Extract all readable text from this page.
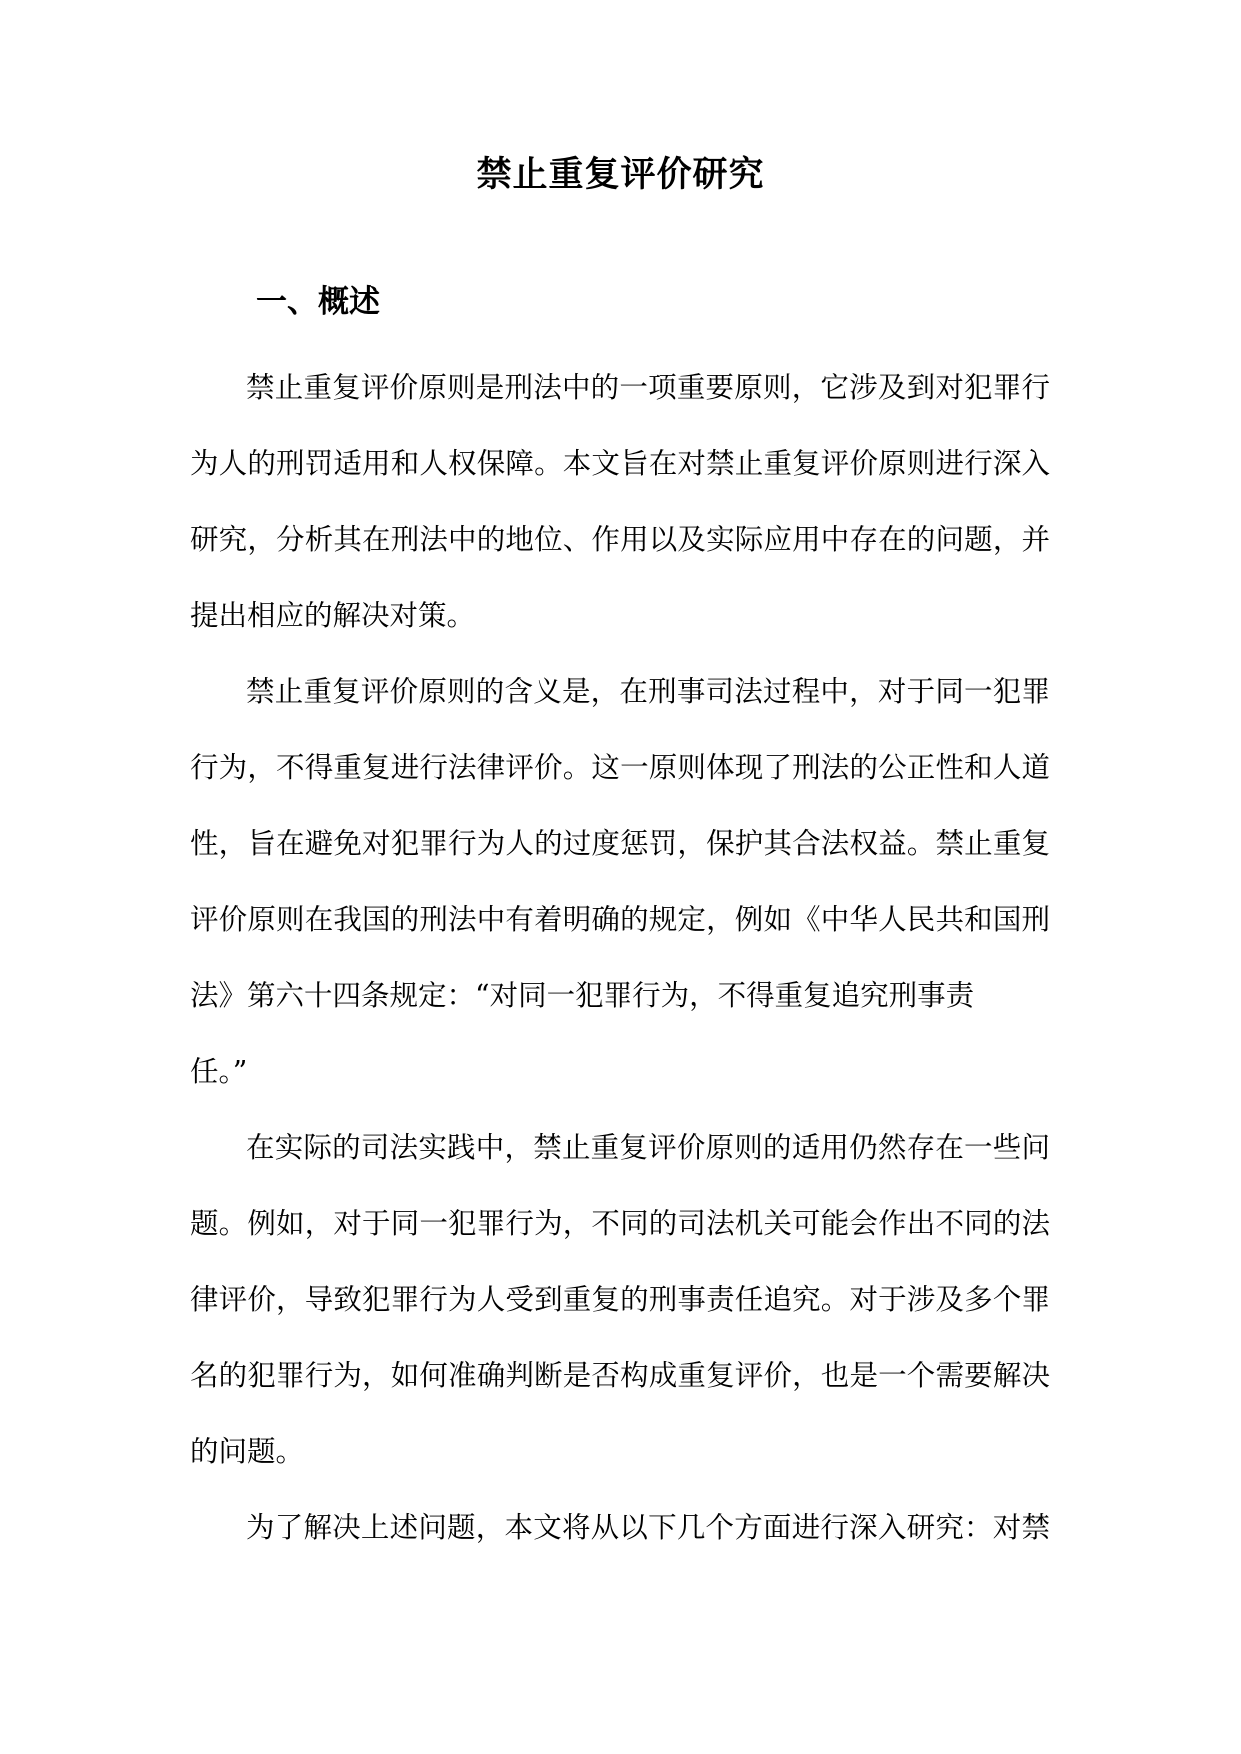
禁止重复评价研究
一、概述
禁止重复评价原则是刑法中的一项重要原则，它涉及到对犯罪行
为人的刑罚适用和人权保障。本文旨在对禁止重复评价原则进行深入
研究，分析其在刑法中的地位、作用以及实际应用中存在的问题，并
提出相应的解决对策。
禁止重复评价原则的含义是，在刑事司法过程中，对于同一犯罪
行为，不得重复进行法律评价。这一原则体现了刑法的公正性和人道
性，旨在避免对犯罪行为人的过度惩罚，保护其合法权益。禁止重复
评价原则在我国的刑法中有着明确的规定，例如《中华人民共和国刑
法》第六十四条规定：“对同一犯罪行为，不得重复追究刑事责
任。”
在实际的司法实践中，禁止重复评价原则的适用仍然存在一些问
题。例如，对于同一犯罪行为，不同的司法机关可能会作出不同的法
律评价，导致犯罪行为人受到重复的刑事责任追究。对于涉及多个罪
名的犯罪行为，如何准确判断是否构成重复评价，也是一个需要解决
的问题。
为了解决上述问题，本文将从以下几个方面进行深入研究：对禁
